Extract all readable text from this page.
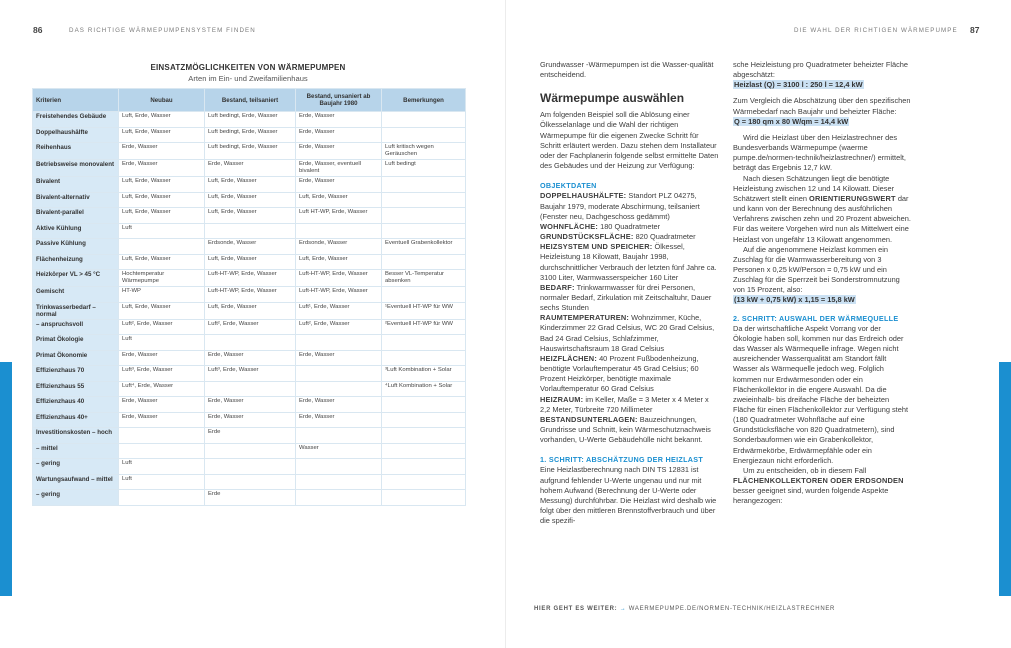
86	DAS RICHTIGE WÄRMEPUMPENSYSTEM FINDEN	DIE WAHL DER RICHTIGEN WÄRMEPUMPE 87
EINSATZMÖGLICHKEITEN VON WÄRMEPUMPEN
Arten im Ein- und Zweifamilienhaus
Kriterien	Neubau	Bestand, teilsaniert	Bestand, unsaniert ab Baujahr 1980	Bemerkungen
Freistehendes Gebäude	Luft, Erde, Wasser	Luft bedingt, Erde, Wasser	Erde, Wasser	
Doppelhaushälfte	Luft, Erde, Wasser	Luft bedingt, Erde, Wasser	Erde, Wasser	
Reihenhaus	Erde, Wasser	Luft bedingt, Erde, Wasser	Erde, Wasser	Luft kritisch wegen Geräuschen
Betriebsweise monovalent	Erde, Wasser	Erde, Wasser	Erde, Wasser, eventuell bivalent	Luft bedingt
Bivalent	Luft, Erde, Wasser	Luft, Erde, Wasser	Erde, Wasser	
Bivalent-alternativ	Luft, Erde, Wasser	Luft, Erde, Wasser	Luft, Erde, Wasser	
Bivalent-parallel	Luft, Erde, Wasser	Luft, Erde, Wasser	Luft HT-WP, Erde, Wasser	
Aktive Kühlung	Luft			
Passive Kühlung		Erdsonde, Wasser	Erdsonde, Wasser	Eventuell Grabenkollektor
Flächenheizung	Luft, Erde, Wasser	Luft, Erde, Wasser	Luft, Erde, Wasser	
Heizkörper VL > 45 °C	Hochtemperatur Wärmepumpe	Luft-HT-WP, Erde, Wasser	Luft-HT-WP, Erde, Wasser	Besser VL-Temperatur absenken
Gemischt	HT-WP	Luft-HT-WP, Erde, Wasser	Luft-HT-WP, Erde, Wasser	
Trinkwasserbedarf – normal	Luft, Erde, Wasser	Luft, Erde, Wasser	Luft¹, Erde, Wasser	¹Eventuell HT-WP für WW
– anspruchsvoll	Luft², Erde, Wasser	Luft², Erde, Wasser	Luft², Erde, Wasser	²Eventuell HT-WP für WW
Primat Ökologie	Luft			
Primat Ökonomie	Erde, Wasser	Erde, Wasser	Erde, Wasser	
Effizienzhaus 70	Luft³, Erde, Wasser	Luft³, Erde, Wasser		³Luft Kombination + Solar
Effizienzhaus 55	Luft⁴, Erde, Wasser			⁴Luft Kombination + Solar
Effizienzhaus 40	Erde, Wasser	Erde, Wasser	Erde, Wasser	
Effizienzhaus 40+	Erde, Wasser	Erde, Wasser	Erde, Wasser	
Investitionskosten – hoch		Erde		
– mittel			Wasser	
– gering	Luft			
Wartungsaufwand – mittel	Luft			
– gering		Erde		

Grundwasser -Wärmepumpen ist die Wasser-qualität entscheidend.

Wärmepumpe auswählen

Am folgenden Beispiel soll die Ablösung einer Ölkesselanlage und die Wahl der richtigen Wärmepumpe für die eigenen Zwecke Schritt für Schritt erläutert werden. Dazu stehen dem Installateur oder der Fachplanerin folgende selbst ermittelte Daten des Gebäudes und der Heizung zur Verfügung:

OBJEKTDATEN

DOPPELHAUSHÄLFTE: Standort PLZ 04275, Baujahr 1979, moderate Abschirmung, teilsaniert (Fenster neu, Dachgeschoss gedämmt)

WOHNFLÄCHE: 180 Quadratmeter

GRUNDSTÜCKSFLÄCHE: 820 Quadratmeter

HEIZSYSTEM UND SPEICHER: Ölkessel, Heizleistung 18 Kilowatt, Baujahr 1998, durchschnittlicher Verbrauch der letzten fünf Jahre ca. 3100 Liter, Warmwasserspeicher 160 Liter

BEDARF: Trinkwarmwasser für drei Personen, normaler Bedarf, Zirkulation mit Zeitschaltuhr, Dauer sechs Stunden

RAUMTEMPERATUREN: Wohnzimmer, Küche, Kinderzimmer 22 Grad Celsius, WC 20 Grad Celsius, Bad 24 Grad Celsius, Schlafzimmer, Hauswirtschaftsraum 18 Grad Celsius

HEIZFLÄCHEN: 40 Prozent Fußbodenheizung, benötigte Vorlauftemperatur 45 Grad Celsius; 60 Prozent Heizkörper, benötigte maximale Vorlauftemperatur 60 Grad Celsius

HEIZRAUM: im Keller, Maße = 3 Meter x 4 Meter x 2,2 Meter, Türbreite 720 Millimeter

BESTANDSUNTERLAGEN: Bauzeichnungen, Grundrisse und Schnitt, kein Wärmeschutznachweis vorhanden, U-Werte Gebäudehülle nicht bekannt.

1. SCHRITT: ABSCHÄTZUNG DER HEIZLAST

Eine Heizlastberechnung nach DIN TS 12831 ist aufgrund fehlender U-Werte ungenau und nur mit hohem Aufwand (Berechnung der U-Werte oder Messung) durchführbar. Die Heizlast wird deshalb wie folgt über den mittleren Brennstoffverbrauch und über die spezifi-

sche Heizleistung pro Quadratmeter beheizter Fläche abgeschätzt:

Heizlast (Q) = 3100 l : 250 l = 12,4 kW

Zum Vergleich die Abschätzung über den spezifischen Wärmebedarf nach Baujahr und beheizter Fläche:

Q = 180 qm x 80 W/qm = 14,4 kW

Wird die Heizlast über den Heizlastrechner des Bundesverbands Wärmepumpe (waerme pumpe.de/normen-technik/heizlastrechner/) ermittelt, beträgt das Ergebnis 12,7 kW.

Nach diesen Schätzungen liegt die benötigte Heizleistung zwischen 12 und 14 Kilowatt. Dieser Schätzwert stellt einen ORIENTIERUNGSWERT dar und kann von der Berechnung des ausführlichen Verfahrens zwischen zehn und 20 Prozent abweichen. Für das weitere Vorgehen wird nun als Mittelwert eine Heizlast von ungefähr 13 Kilowatt angenommen.

Auf die angenommene Heizlast kommen ein Zuschlag für die Warmwasserbereitung von 3 Personen x 0,25 kW/Person = 0,75 kW und ein Zuschlag für die Sperrzeit bei Sonderstromnutzung von 15 Prozent, also:

(13 kW + 0,75 kW) x 1,15 = 15,8 kW

2. SCHRITT: AUSWAHL DER WÄRMEQUELLE

Da der wirtschaftliche Aspekt Vorrang vor der Ökologie haben soll, kommen nur das Erdreich oder das Wasser als Wärmequelle infrage. Wegen nicht ausreichender Wasserqualität am Standort fällt Wasser als Wärmequelle jedoch weg. Folglich kommen nur Erdwärmesonden oder ein Flächenkollektor in die engere Auswahl. Da die zweieinhalb- bis dreifache Fläche der beheizten Fläche für einen Flächenkollektor zur Verfügung steht (180 Quadratmeter Wohnfläche auf eine Grundstücksfläche von 820 Quadratmetern), sind Sonderbauformen wie ein Grabenkollektor, Erdwärmekörbe, Erdwärmepfähle oder ein Energiezaun nicht erforderlich.

Um zu entscheiden, ob in diesem Fall FLÄCHENKOLLEKTOREN ODER ERDSONDEN besser geeignet sind, wurden folgende Aspekte herangezogen:

HIER GEHT ES WEITER: → WAERMEPUMPE.DE/NORMEN-TECHNIK/HEIZLASTRECHNER
